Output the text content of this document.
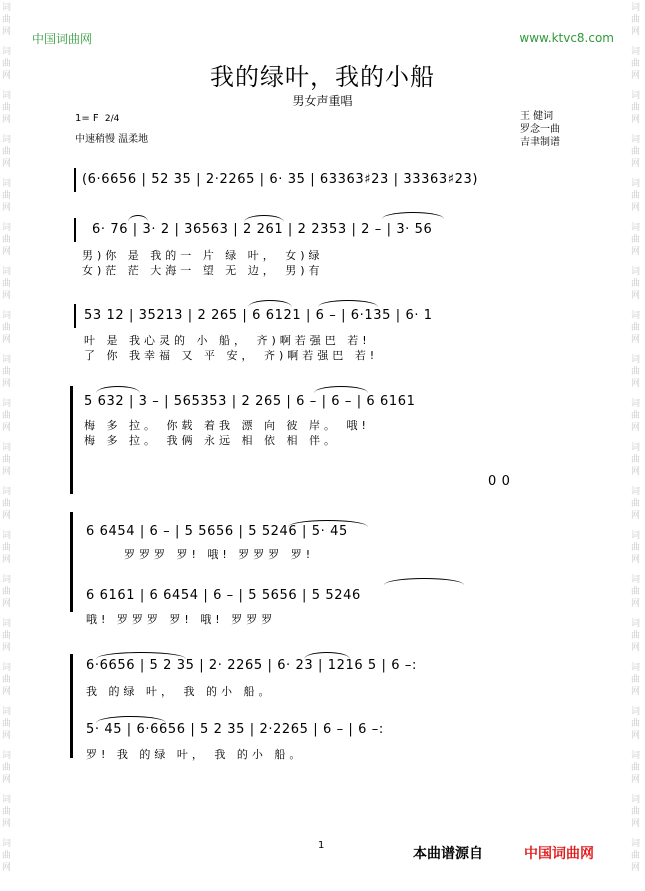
词
曲
网
词
曲
网
词
曲
网
词
曲
网
词
曲
网
词
曲
网
词
曲
网
词
曲
网
词
曲
网
词
曲
网
词
曲
网
词
曲
网
词
曲
网
词
曲
网
词
曲
网
词
曲
网
词
曲
网
词
曲
网
词
曲
网
词
曲
网
词
曲
网
词
曲
网
词
曲
网
词
曲
网
词
曲
网
词
曲
网
词
曲
网
词
曲
网
词
曲
网
词
曲
网
词
曲
网
词
曲
网
词
曲
网
词
曲
网
词
曲
网
词
曲
网
词
曲
网
词
曲
网
词
曲
网
词
曲
网
中国词曲网	www.ktvc8.com
我的绿叶，我的小船
男女声重唱
1= F 2/4
中速稍慢 温柔地
王 健词
罗念一曲
吉聿制谱
(6·6656 | 52 35 | 2·2265 | 6· 35 | 63363♯23 | 33363♯23)
6· 76 | 3· 2 | 36563 | 2 261 | 2 2353 | 2 – | 3· 56
男)你 是 我的一 片 绿 叶， 女)绿
女)茫 茫 大海一 望 无 边， 男)有
53 12 | 35213 | 2 265 | 6 6121 | 6 – | 6·135 | 6· 1
叶 是 我心灵的 小 船， 齐)啊若强巴 若!
了 你 我幸福 又 平 安， 齐)啊若强巴 若!
5 632 | 3 – | 565353 | 2 265 | 6 – | 6 – | 6 6161
梅 多 拉。 你载 着我 漂 向 彼 岸。 哦!
梅 多 拉。 我俩 永远 相 依 相 伴。
0 0
6 6454 | 6 – | 5 5656 | 5 5246 | 5· 45
罗罗罗 罗! 哦! 罗罗罗 罗!
6 6161 | 6 6454 | 6 – | 5 5656 | 5 5246
哦! 罗罗罗 罗! 哦! 罗罗罗
6·6656 | 5 2 35 | 2· 2265 | 6· 23 | 1216 5 | 6 –:
我 的绿 叶， 我 的小 船。
5· 45 | 6·6656 | 5 2 35 | 2·2265 | 6 – | 6 –:
罗! 我 的绿 叶， 我 的小 船。
1
本曲谱源自	中国词曲网
